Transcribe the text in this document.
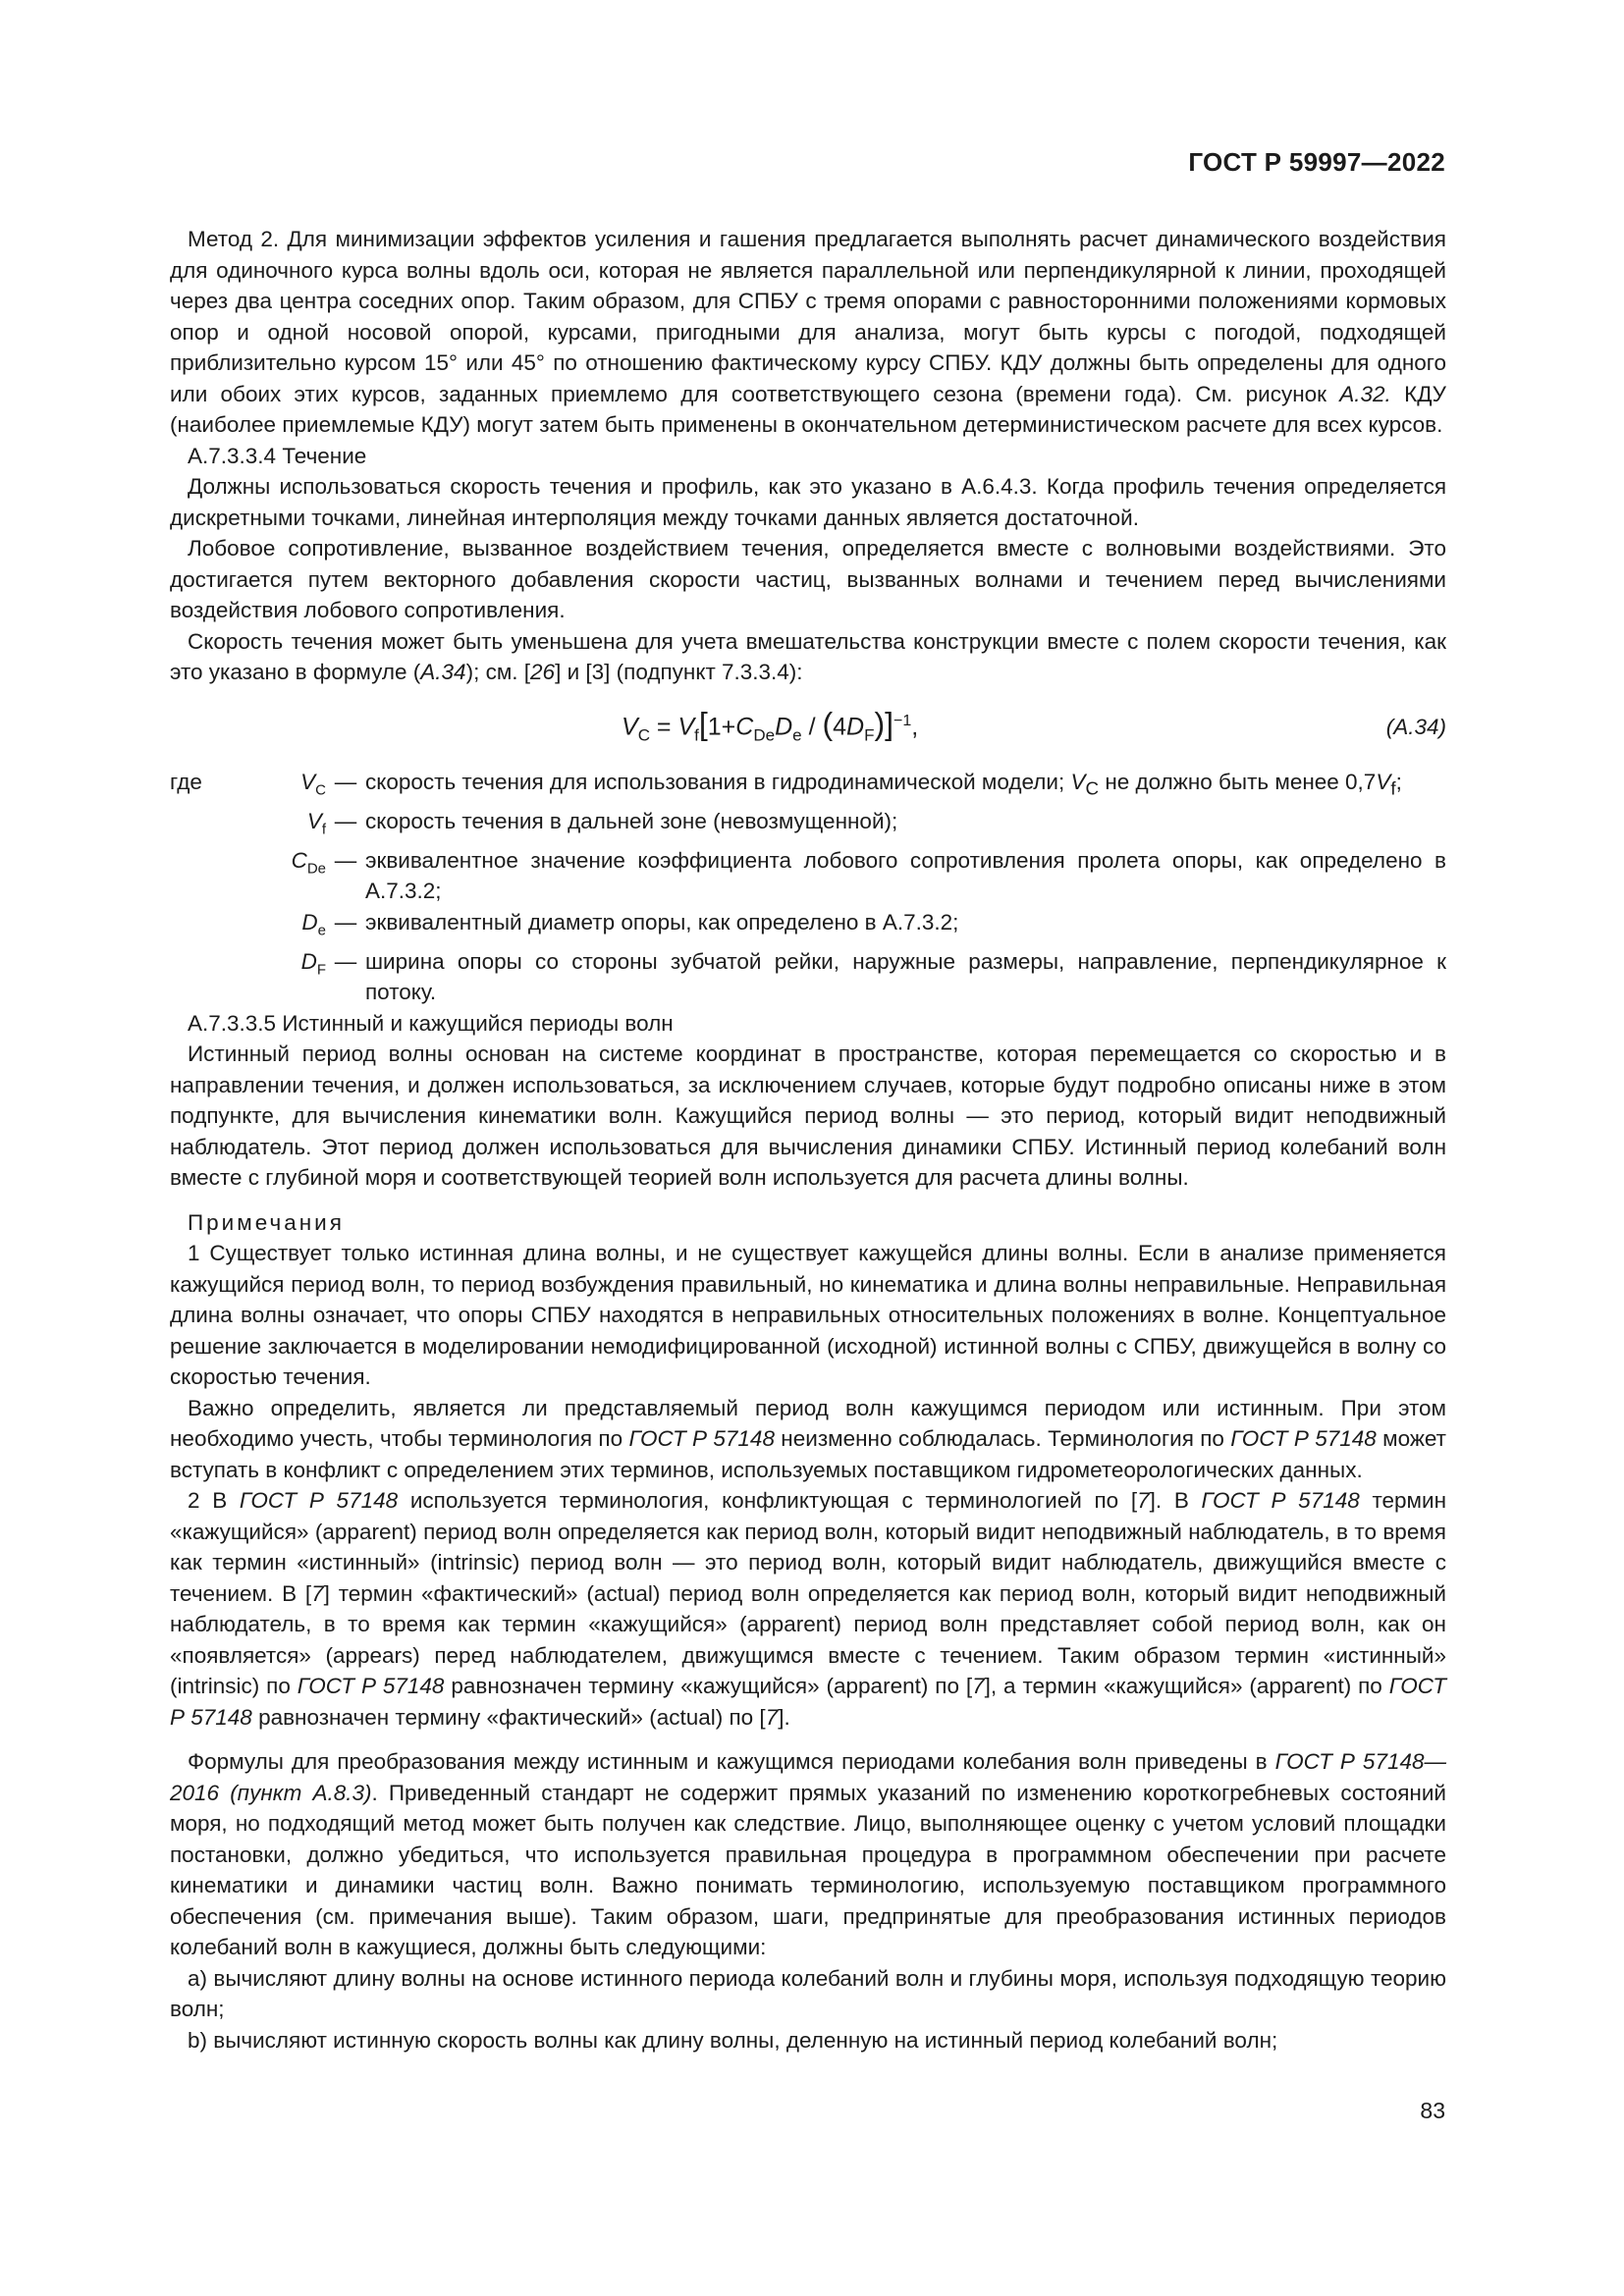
ГОСТ Р 59997—2022

Метод 2. Для минимизации эффектов усиления и гашения предлагается выполнять расчет динамического воздействия для одиночного курса волны вдоль оси, которая не является параллельной или перпендикулярной к линии, проходящей через два центра соседних опор. Таким образом, для СПБУ с тремя опорами с равносторонними положениями кормовых опор и одной носовой опорой, курсами, пригодными для анализа, могут быть курсы с погодой, подходящей приблизительно курсом 15° или 45° по отношению фактическому курсу СПБУ. КДУ должны быть определены для одного или обоих этих курсов, заданных приемлемо для соответствующего сезона (времени года). См. рисунок А.32. КДУ (наиболее приемлемые КДУ) могут затем быть применены в окончательном детерминистическом расчете для всех курсов.

А.7.3.3.4 Течение

Должны использоваться скорость течения и профиль, как это указано в А.6.4.3. Когда профиль течения определяется дискретными точками, линейная интерполяция между точками данных является достаточной.

Лобовое сопротивление, вызванное воздействием течения, определяется вместе с волновыми воздействиями. Это достигается путем векторного добавления скорости частиц, вызванных волнами и течением перед вычислениями воздействия лобового сопротивления.

Скорость течения может быть уменьшена для учета вмешательства конструкции вместе с полем скорости течения, как это указано в формуле (А.34); см. [26] и [3] (подпункт 7.3.3.4):

$V_C = V_f[1+C_{De}D_e / (4D_F)]^{-1}$,	(А.34)
где	$V_C$ — скорость течения для использования в гидродинамической модели; $V_C$ не должно быть менее $0,7V_f$;
$V_f$ — скорость течения в дальней зоне (невозмущенной);
$C_{De}$ — эквивалентное значение коэффициента лобового сопротивления пролета опоры, как определено в А.7.3.2;
$D_e$ — эквивалентный диаметр опоры, как определено в А.7.3.2;
$D_F$ — ширина опоры со стороны зубчатой рейки, наружные размеры, направление, перпендикулярное к потоку.

А.7.3.3.5 Истинный и кажущийся периоды волн

Истинный период волны основан на системе координат в пространстве, которая перемещается со скоростью и в направлении течения, и должен использоваться, за исключением случаев, которые будут подробно описаны ниже в этом подпункте, для вычисления кинематики волн. Кажущийся период волны — это период, который видит неподвижный наблюдатель. Этот период должен использоваться для вычисления динамики СПБУ. Истинный период колебаний волн вместе с глубиной моря и соответствующей теорией волн используется для расчета длины волны.

Примечания

1 Существует только истинная длина волны, и не существует кажущейся длины волны. Если в анализе применяется кажущийся период волн, то период возбуждения правильный, но кинематика и длина волны неправильные. Неправильная длина волны означает, что опоры СПБУ находятся в неправильных относительных положениях в волне. Концептуальное решение заключается в моделировании немодифицированной (исходной) истинной волны с СПБУ, движущейся в волну со скоростью течения.

Важно определить, является ли представляемый период волн кажущимся периодом или истинным. При этом необходимо учесть, чтобы терминология по ГОСТ Р 57148 неизменно соблюдалась. Терминология по ГОСТ Р 57148 может вступать в конфликт с определением этих терминов, используемых поставщиком гидрометеорологических данных.

2 В ГОСТ Р 57148 используется терминология, конфликтующая с терминологией по [7]. В ГОСТ Р 57148 термин «кажущийся» (apparent) период волн определяется как период волн, который видит неподвижный наблюдатель, в то время как термин «истинный» (intrinsic) период волн — это период волн, который видит наблюдатель, движущийся вместе с течением. В [7] термин «фактический» (actual) период волн определяется как период волн, который видит неподвижный наблюдатель, в то время как термин «кажущийся» (apparent) период волн представляет собой период волн, как он «появляется» (appears) перед наблюдателем, движущимся вместе с течением. Таким образом термин «истинный» (intrinsic) по ГОСТ Р 57148 равнозначен термину «кажущийся» (apparent) по [7], а термин «кажущийся» (apparent) по ГОСТ Р 57148 равнозначен термину «фактический» (actual) по [7].

Формулы для преобразования между истинным и кажущимся периодами колебания волн приведены в ГОСТ Р 57148—2016 (пункт А.8.3). Приведенный стандарт не содержит прямых указаний по изменению короткогребневых состояний моря, но подходящий метод может быть получен как следствие. Лицо, выполняющее оценку с учетом условий площадки постановки, должно убедиться, что используется правильная процедура в программном обеспечении при расчете кинематики и динамики частиц волн. Важно понимать терминологию, используемую поставщиком программного обеспечения (см. примечания выше). Таким образом, шаги, предпринятые для преобразования истинных периодов колебаний волн в кажущиеся, должны быть следующими:

а) вычисляют длину волны на основе истинного периода колебаний волн и глубины моря, используя подходящую теорию волн;

b) вычисляют истинную скорость волны как длину волны, деленную на истинный период колебаний волн;

83
